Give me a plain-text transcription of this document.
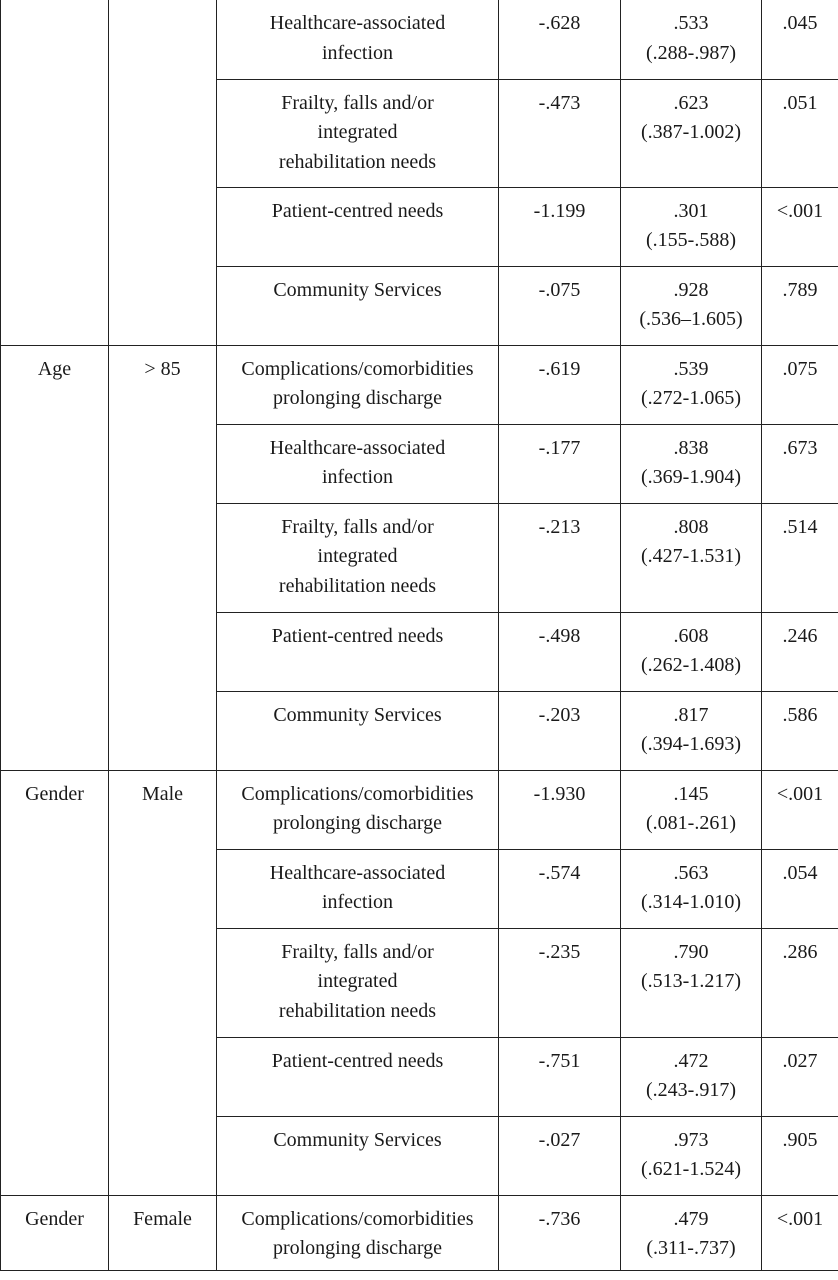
		Healthcare-associated
infection	-.628	.533
(.288-.987)	.045

		Frailty, falls and/or
integrated
rehabilitation needs	-.473	.623
(.387-1.002)	.051

		Patient-centred needs	-1.199	.301
(.155-.588)	<.001

		Community Services	-.075	.928
(.536–1.605)	.789
Age	> 85	Complications/comorbidities
prolonging discharge	-.619	.539
(.272-1.065)	.075

		Healthcare-associated
infection	-.177	.838
(.369-1.904)	.673

		Frailty, falls and/or
integrated
rehabilitation needs	-.213	.808
(.427-1.531)	.514

		Patient-centred needs	-.498	.608
(.262-1.408)	.246

		Community Services	-.203	.817
(.394-1.693)	.586
Gender	Male	Complications/comorbidities
prolonging discharge	-1.930	.145
(.081-.261)	<.001

		Healthcare-associated
infection	-.574	.563
(.314-1.010)	.054

		Frailty, falls and/or
integrated
rehabilitation needs	-.235	.790
(.513-1.217)	.286

		Patient-centred needs	-.751	.472
(.243-.917)	.027

		Community Services	-.027	.973
(.621-1.524)	.905
Gender	Female	Complications/comorbidities
prolonging discharge	-.736	.479
(.311-.737)	<.001
